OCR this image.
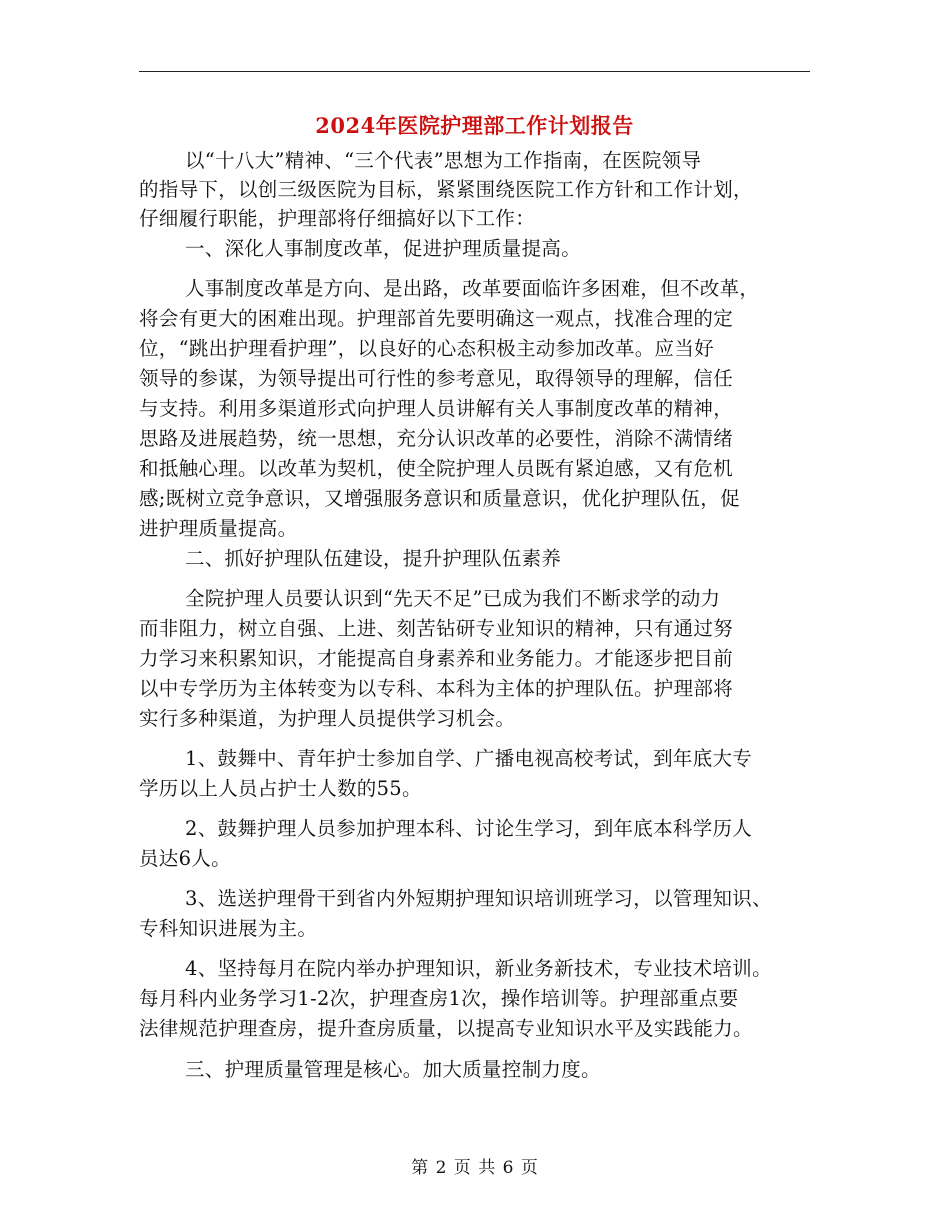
2024年医院护理部工作计划报告
以“十八大”精神、“三个代表”思想为工作指南，在医院领导
的指导下，以创三级医院为目标，紧紧围绕医院工作方针和工作计划，
仔细履行职能，护理部将仔细搞好以下工作：
一、深化人事制度改革，促进护理质量提高。
人事制度改革是方向、是出路，改革要面临许多困难，但不改革，
将会有更大的困难出现。护理部首先要明确这一观点，找准合理的定
位，“跳出护理看护理”，以良好的心态积极主动参加改革。应当好
领导的参谋，为领导提出可行性的参考意见，取得领导的理解，信任
与支持。利用多渠道形式向护理人员讲解有关人事制度改革的精神，
思路及进展趋势，统一思想，充分认识改革的必要性，消除不满情绪
和抵触心理。以改革为契机，使全院护理人员既有紧迫感，又有危机
感;既树立竞争意识，又增强服务意识和质量意识，优化护理队伍，促
进护理质量提高。
二、抓好护理队伍建设，提升护理队伍素养
全院护理人员要认识到“先天不足”已成为我们不断求学的动力
而非阻力，树立自强、上进、刻苦钻研专业知识的精神，只有通过努
力学习来积累知识，才能提高自身素养和业务能力。才能逐步把目前
以中专学历为主体转变为以专科、本科为主体的护理队伍。护理部将
实行多种渠道，为护理人员提供学习机会。
1、鼓舞中、青年护士参加自学、广播电视高校考试，到年底大专
学历以上人员占护士人数的55。
2、鼓舞护理人员参加护理本科、讨论生学习，到年底本科学历人
员达6人。
3、选送护理骨干到省内外短期护理知识培训班学习，以管理知识、
专科知识进展为主。
4、坚持每月在院内举办护理知识，新业务新技术，专业技术培训。
每月科内业务学习1-2次，护理查房1次，操作培训等。护理部重点要
法律规范护理查房，提升查房质量，以提高专业知识水平及实践能力。
三、护理质量管理是核心。加大质量控制力度。
第 2 页 共 6 页
